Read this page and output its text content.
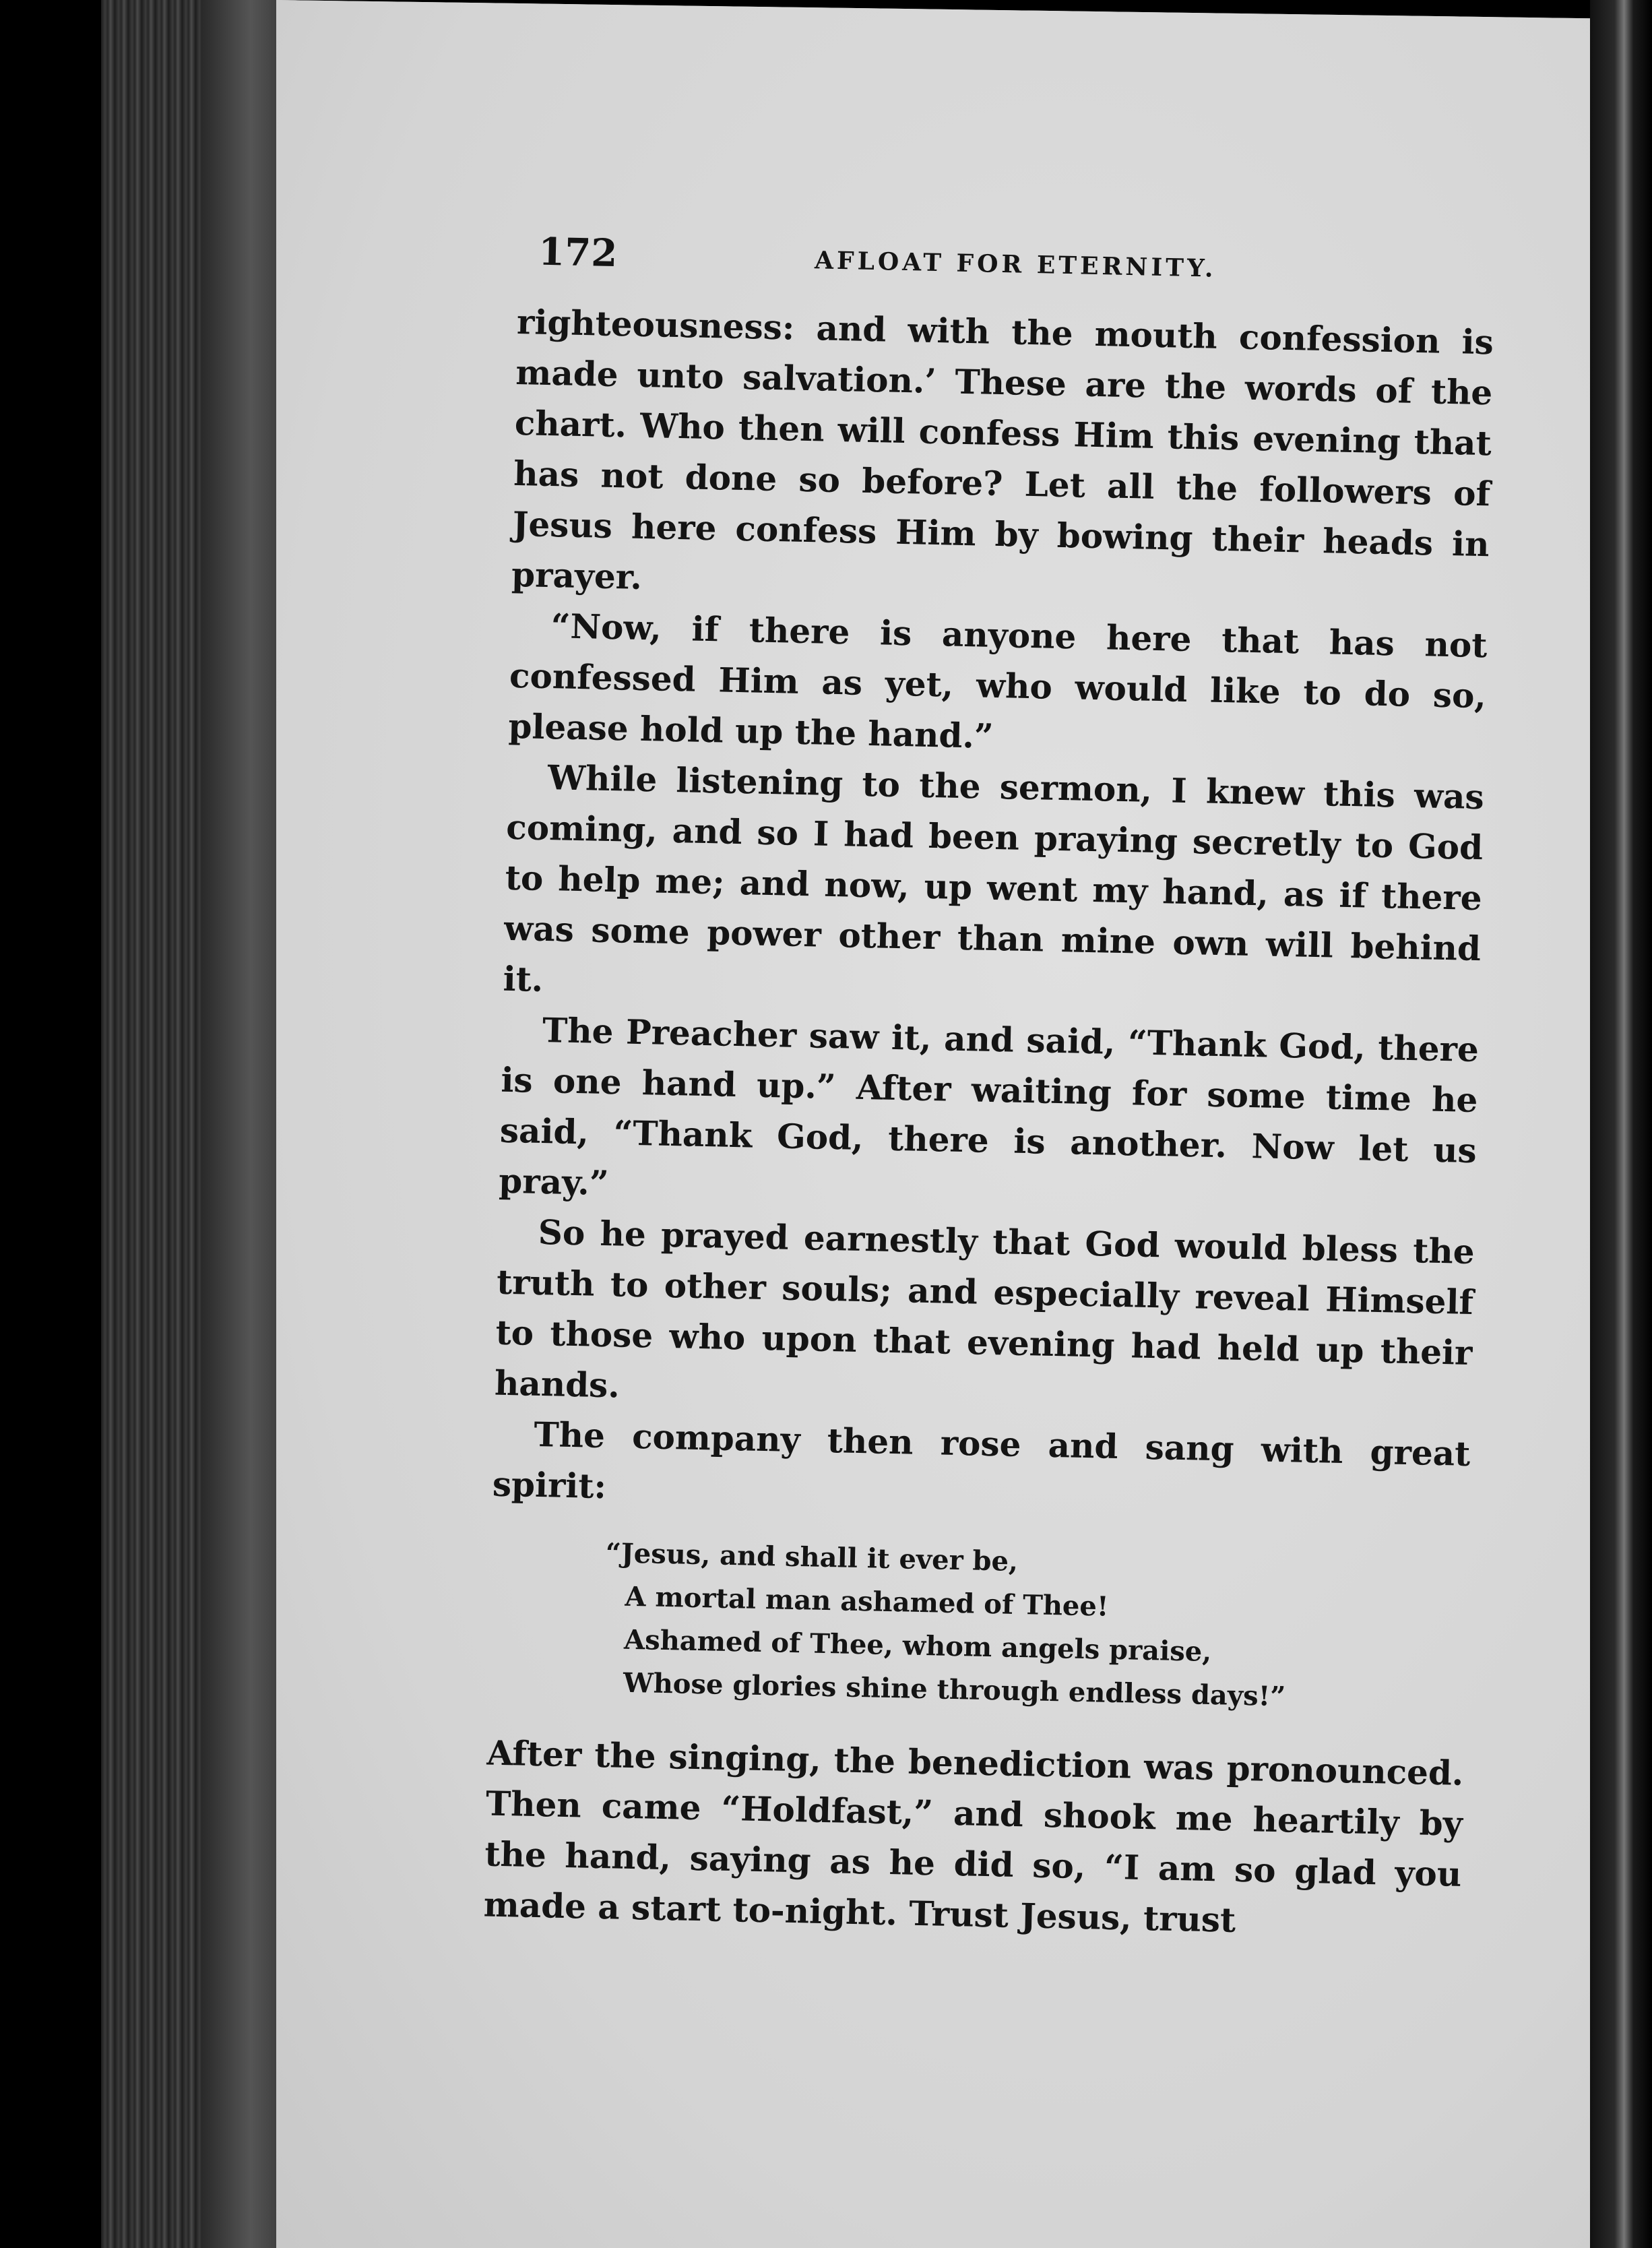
172	AFLOAT FOR ETERNITY.

righteousness: and with the mouth confession is made unto salvation.’ These are the words of the chart. Who then will confess Him this evening that has not done so before? Let all the followers of Jesus here confess Him by bowing their heads in prayer.

“Now, if there is anyone here that has not confessed Him as yet, who would like to do so, please hold up the hand.”

While listening to the sermon, I knew this was coming, and so I had been praying secretly to God to help me; and now, up went my hand, as if there was some power other than mine own will behind it.

The Preacher saw it, and said, “Thank God, there is one hand up.” After waiting for some time he said, “Thank God, there is another. Now let us pray.”

So he prayed earnestly that God would bless the truth to other souls; and especially reveal Himself to those who upon that evening had held up their hands.

The company then rose and sang with great spirit:

“Jesus, and shall it ever be,
A mortal man ashamed of Thee!
Ashamed of Thee, whom angels praise,
Whose glories shine through endless days!”

After the singing, the benediction was pronounced. Then came “Holdfast,” and shook me heartily by the hand, saying as he did so, “I am so glad you made a start to-night. Trust Jesus, trust
